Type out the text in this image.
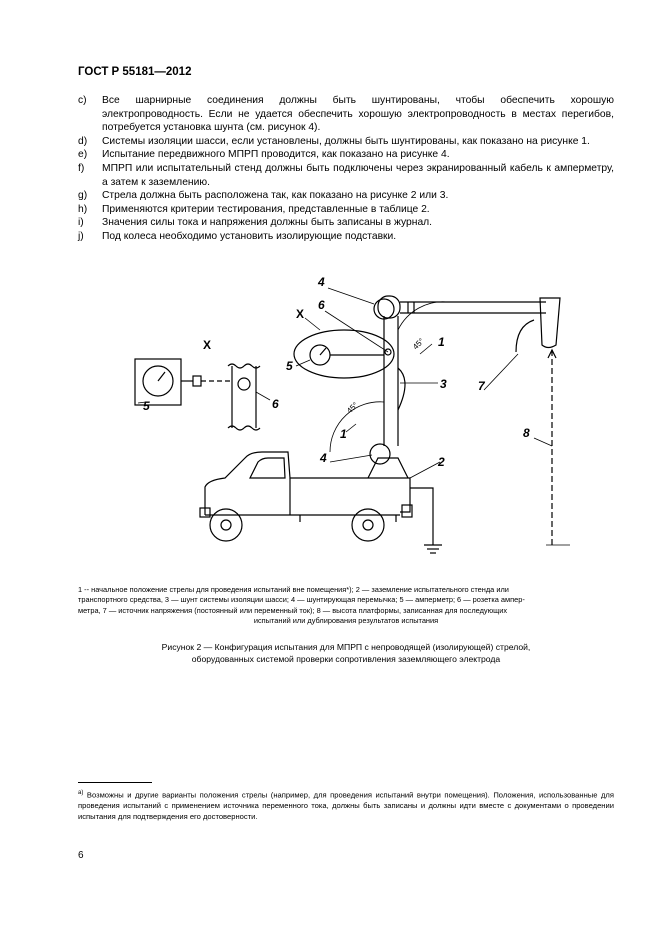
ГОСТ Р 55181—2012
c)	Все шарнирные соединения должны быть шунтированы, чтобы обеспечить хорошую электропроводность. Если не удается обеспечить хорошую электропроводность в местах перегибов, потребуется установка шунта (см. рисунок 4).
d)	Системы изоляции шасси, если установлены, должны быть шунтированы, как показано на рисунке 1.
e)	Испытание передвижного МПРП проводится, как показано на рисунке 4.
f)	МПРП или испытательный стенд должны быть подключены через экранированный кабель к амперметру, а затем к заземлению.
g)	Стрела должна быть расположена так, как показано на рисунке 2 или 3.
h)	Применяются критерии тестирования, представленные в таблице 2.
i)	Значения силы тока и напряжения должны быть записаны в журнал.
j)	Под колеса необходимо установить изолирующие подставки.
5	6
X
4
6
X
5
3
1
1
4	2
7
8
45°
45°
1 -- начальное положение стрелы для проведения испытаний вне помещения*); 2 — заземление испытательного стенда или
транспортного средства, 3 — шунт системы изоляции шасси; 4 — шунтирующая перемычка; 5 — амперметр; 6 — розетка ампер-
метра, 7 — источник напряжения (постоянный или переменный ток); 8 — высота платформы, записанная для последующих
испытаний или дублирования результатов испытания
Рисунок 2 — Конфигурация испытания для МПРП с непроводящей (изолирующей) стрелой,
оборудованных системой проверки сопротивления заземляющего электрода
$^{а)}$ Возможны и другие варианты положения стрелы (например, для проведения испытаний внутри помещения). Положения, использованные для проведения испытаний с применением источника переменного тока, должны быть записаны и должны идти вместе с документами о проведении испытания для подтверждения его достоверности.
6
